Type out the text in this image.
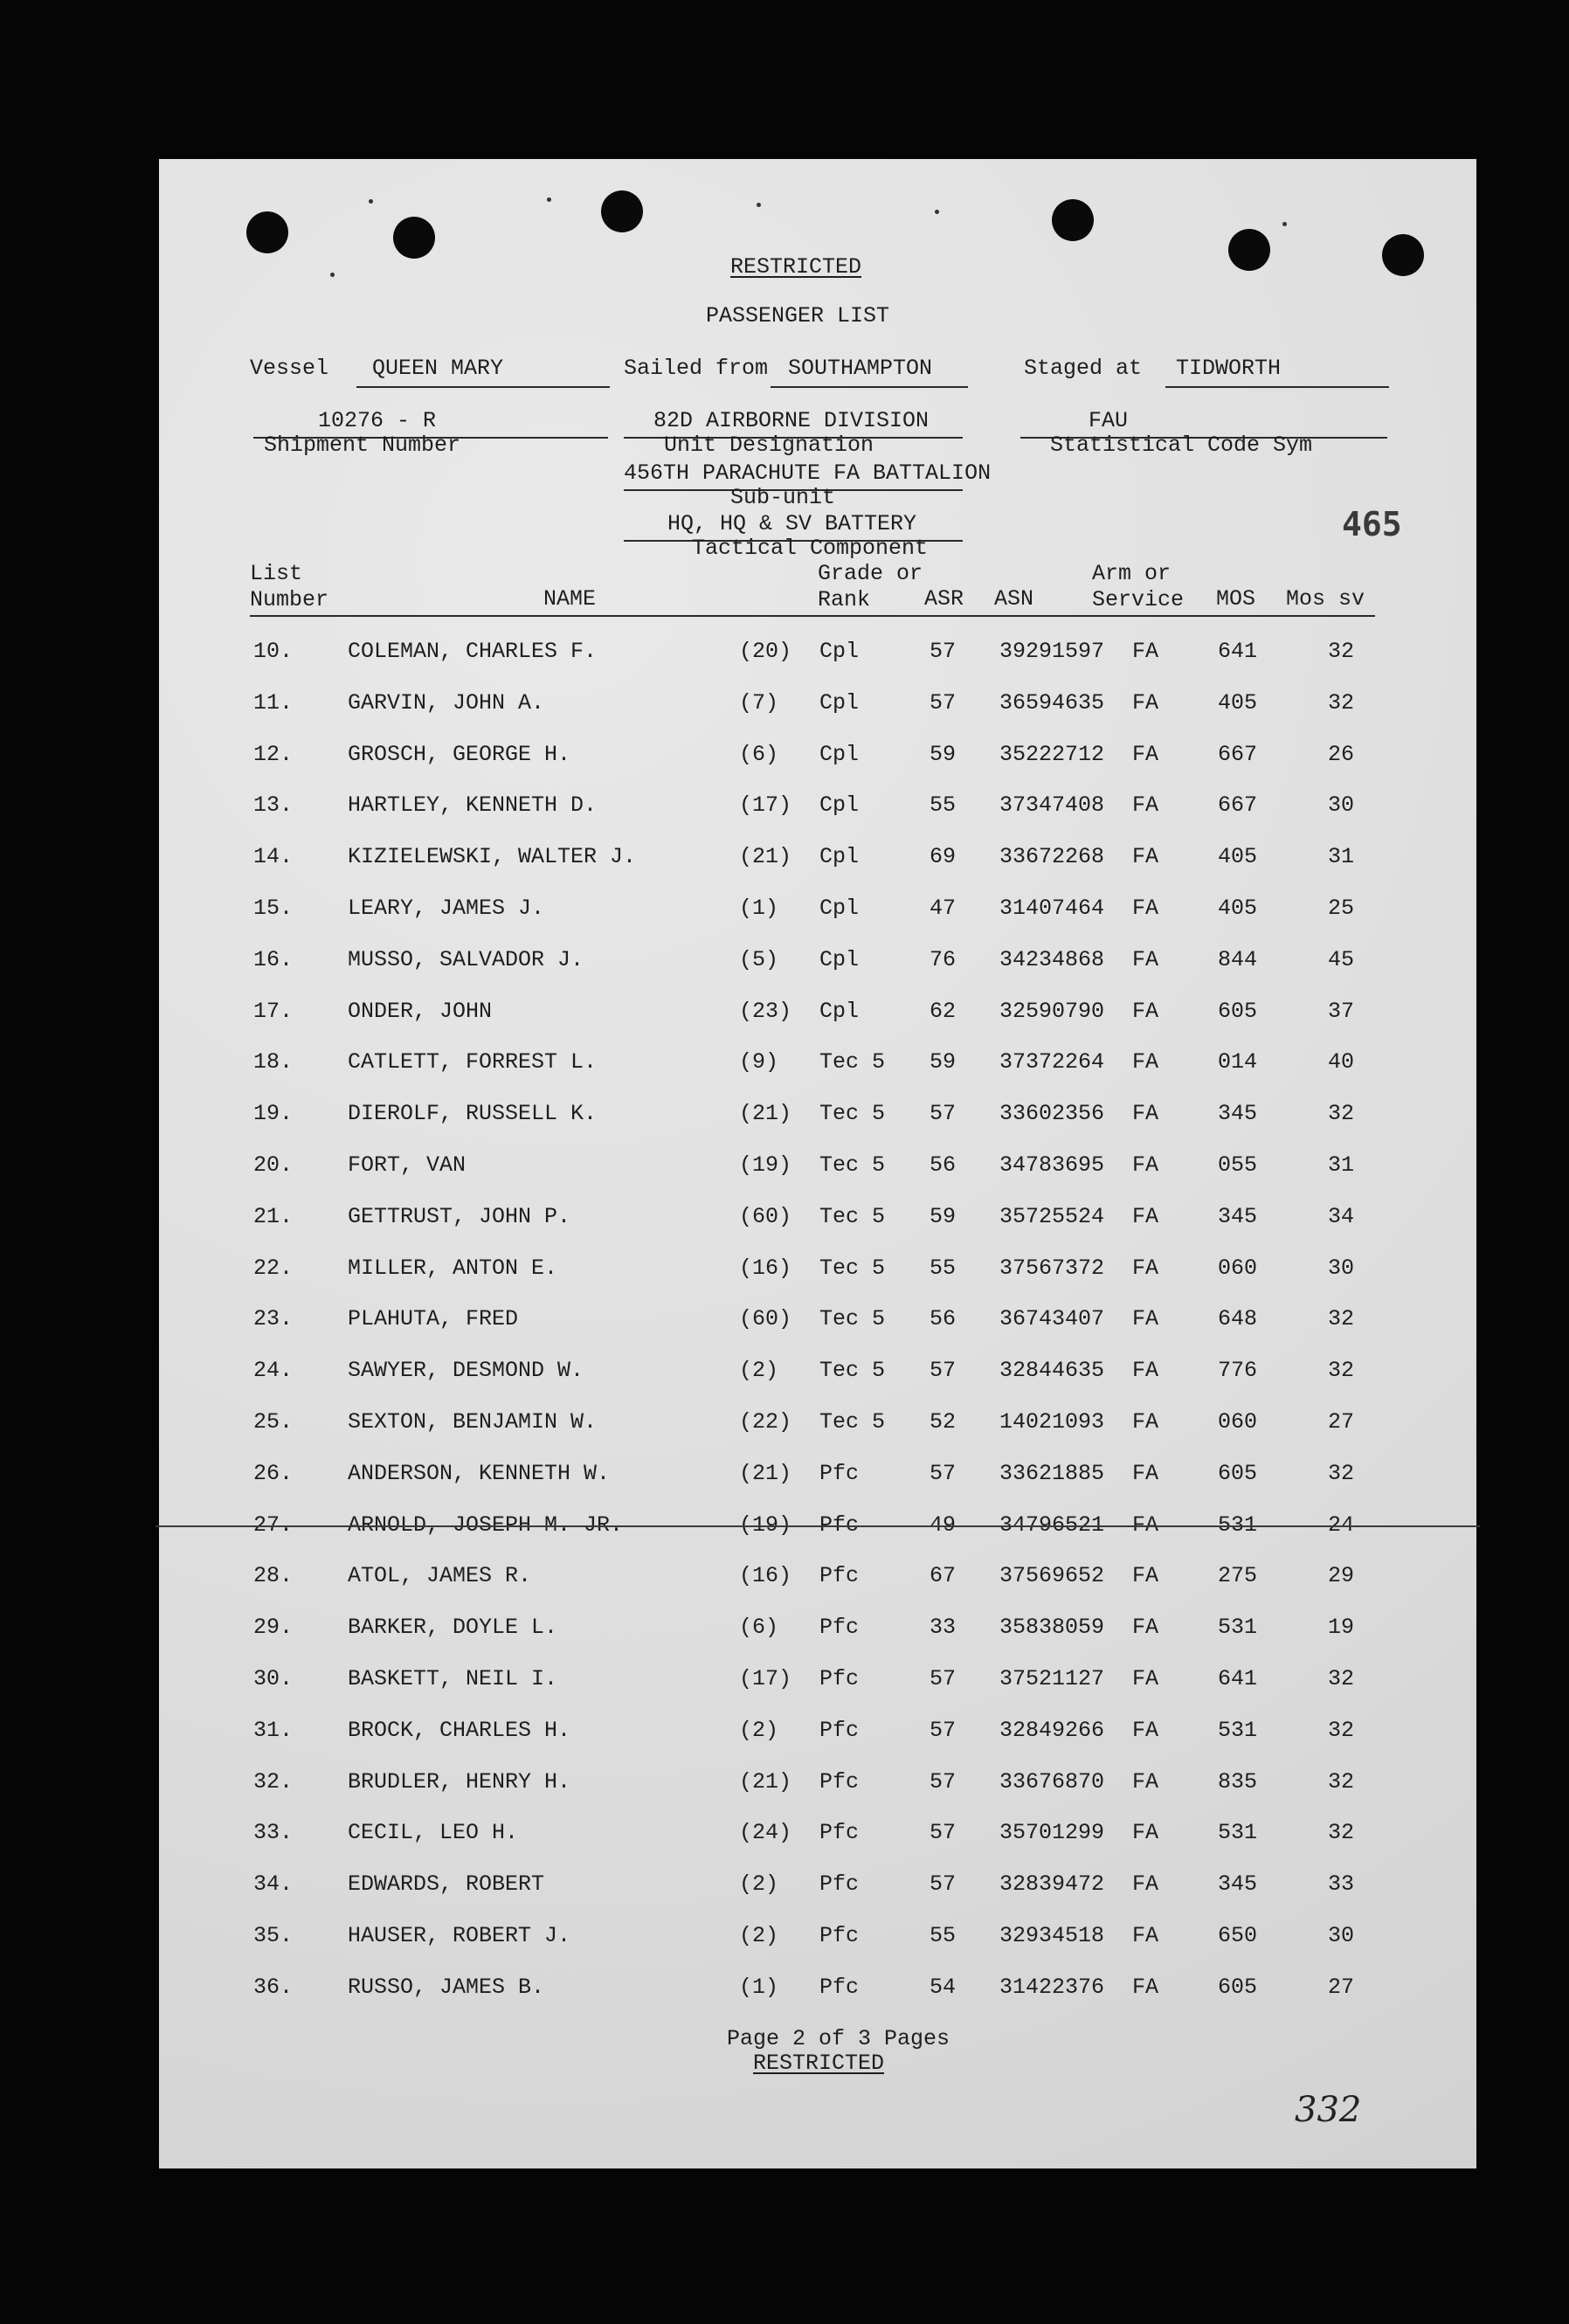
RESTRICTED
PASSENGER LIST
Vessel QUEEN MARY	Sailed from SOUTHAMPTON	Staged at TIDWORTH
10276 - R
Shipment Number
82D AIRBORNE DIVISION
Unit Designation
456TH PARACHUTE FA BATTALION
Sub-unit
HQ, HQ & SV BATTERY
Tactical Component
FAU
Statistical Code Sym
465
List
Number	NAME
Grade or
Rank	ASR ASN
Arm or
Service MOS Mos sv
10.	COLEMAN, CHARLES F.	(20) Cpl	57 39291597 FA	641	32
11.	GARVIN, JOHN A.	(7) Cpl	57 36594635 FA	405	32
12.	GROSCH, GEORGE H.	(6) Cpl	59 35222712 FA	667	26
13.	HARTLEY, KENNETH D.	(17) Cpl	55 37347408 FA	667	30
14.	KIZIELEWSKI, WALTER J.	(21) Cpl	69 33672268 FA	405	31
15.	LEARY, JAMES J.	(1) Cpl	47 31407464 FA	405	25
16.	MUSSO, SALVADOR J.	(5) Cpl	76 34234868 FA	844	45
17.	ONDER, JOHN	(23) Cpl	62 32590790 FA	605	37
18.	CATLETT, FORREST L.	(9) Tec 5 59 37372264 FA	014	40
19.	DIEROLF, RUSSELL K.	(21) Tec 5 57 33602356 FA	345	32
20.	FORT, VAN	(19) Tec 5 56 34783695 FA	055	31
21.	GETTRUST, JOHN P.	(60) Tec 5 59 35725524 FA	345	34
22.	MILLER, ANTON E.	(16) Tec 5 55 37567372 FA	060	30
23.	PLAHUTA, FRED	(60) Tec 5 56 36743407 FA	648	32
24.	SAWYER, DESMOND W.	(2) Tec 5 57 32844635 FA	776	32
25.	SEXTON, BENJAMIN W.	(22) Tec 5 52 14021093 FA	060	27
26.	ANDERSON, KENNETH W.	(21) Pfc	57 33621885 FA	605	32
27.	ARNOLD, JOSEPH M. JR.	(19) Pfc	49 34796521 FA	531	24
28.	ATOL, JAMES R.	(16) Pfc	67 37569652 FA	275	29
29.	BARKER, DOYLE L.	(6) Pfc	33 35838059 FA	531	19
30.	BASKETT, NEIL I.	(17) Pfc	57 37521127 FA	641	32
31.	BROCK, CHARLES H.	(2) Pfc	57 32849266 FA	531	32
32.	BRUDLER, HENRY H.	(21) Pfc	57 33676870 FA	835	32
33.	CECIL, LEO H.	(24) Pfc	57 35701299 FA	531	32
34.	EDWARDS, ROBERT	(2) Pfc	57 32839472 FA	345	33
35.	HAUSER, ROBERT J.	(2) Pfc	55 32934518 FA	650	30
36.	RUSSO, JAMES B.	(1) Pfc	54 31422376 FA	605	27
Page 2 of 3 Pages
RESTRICTED
332
